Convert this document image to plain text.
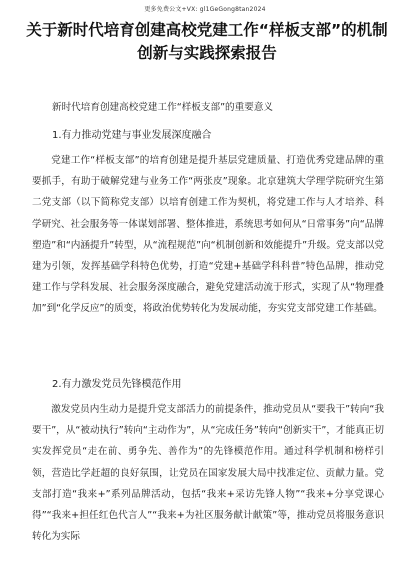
更多免费公文+VX: gl1GeGong8tan2024
关于新时代培育创建高校党建工作“样板支部”的机制创新与实践探索报告
新时代培育创建高校党建工作“样板支部”的重要意义
1.有力推动党建与事业发展深度融合

党建工作“样板支部”的培育创建是提升基层党建质量、打造优秀党建品牌的重要抓手，有助于破解党建与业务工作“两张皮”现象。北京建筑大学理学院研究生第二党支部（以下简称党支部）以培育创建工作为契机，将党建工作与人才培养、科学研究、社会服务等一体谋划部署、整体推进，系统思考如何从“日常事务”向“品牌塑造”和“内涵提升”转型，从“流程规范”向“机制创新和效能提升”升级。党支部以党建为引领，发挥基础学科特色优势，打造“党建+基础学科科普”特色品牌，推动党建工作与学科发展、社会服务深度融合，避免党建活动流于形式，实现了从“物理叠加”到“化学反应”的质变，将政治优势转化为发展动能，夯实党支部党建工作基础。

2.有力激发党员先锋模范作用

激发党员内生动力是提升党支部活力的前提条件，推动党员从“要我干”转向“我要干”，从“被动执行”转向“主动作为”，从“完成任务”转向“创新实干”，才能真正切实发挥党员“走在前、勇争先、善作为”的先锋模范作用。通过科学机制和榜样引领，营造比学赶超的良好氛围，让党员在国家发展大局中找准定位、贡献力量。党支部打造“我来+”系列品牌活动，包括“我来+采访先锋人物”“我来+分享党课心得”“我来+担任红色代言人”“我来+为社区服务献计献策”等，推动党员将服务意识转化为实际
